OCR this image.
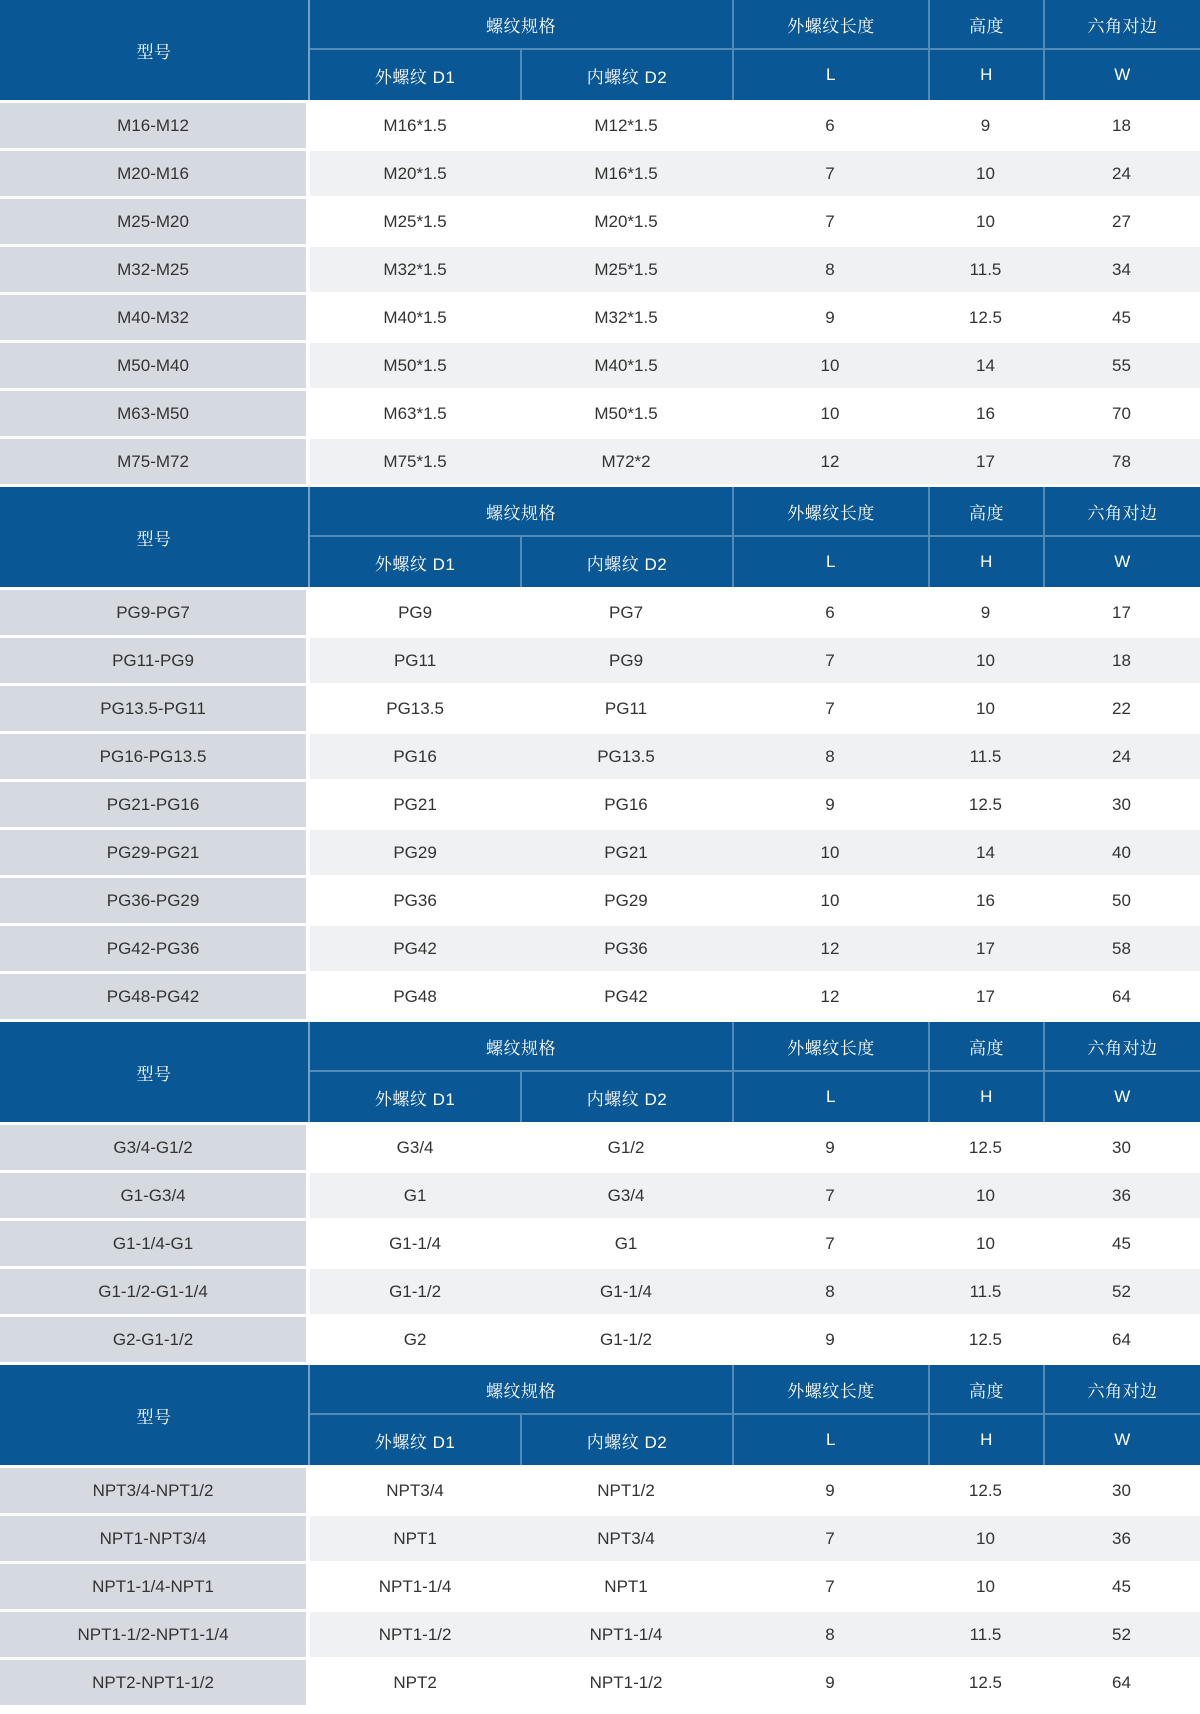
型号
螺纹规格	外螺纹长度	高度	六角对边
外螺纹 D1	内螺纹 D2	L	H	W
M16-M12	M16*1.5	M12*1.5	6	9	18
M20-M16	M20*1.5	M16*1.5	7	10	24
M25-M20	M25*1.5	M20*1.5	7	10	27
M32-M25	M32*1.5	M25*1.5	8	11.5	34
M40-M32	M40*1.5	M32*1.5	9	12.5	45
M50-M40	M50*1.5	M40*1.5	10	14	55
M63-M50	M63*1.5	M50*1.5	10	16	70
M75-M72	M75*1.5	M72*2	12	17	78
型号
螺纹规格	外螺纹长度	高度	六角对边
外螺纹 D1	内螺纹 D2	L	H	W
PG9-PG7	PG9	PG7	6	9	17
PG11-PG9	PG11	PG9	7	10	18
PG13.5-PG11	PG13.5	PG11	7	10	22
PG16-PG13.5	PG16	PG13.5	8	11.5	24
PG21-PG16	PG21	PG16	9	12.5	30
PG29-PG21	PG29	PG21	10	14	40
PG36-PG29	PG36	PG29	10	16	50
PG42-PG36	PG42	PG36	12	17	58
PG48-PG42	PG48	PG42	12	17	64
型号
螺纹规格	外螺纹长度	高度	六角对边
外螺纹 D1	内螺纹 D2	L	H	W
G3/4-G1/2	G3/4	G1/2	9	12.5	30
G1-G3/4	G1	G3/4	7	10	36
G1-1/4-G1	G1-1/4	G1	7	10	45
G1-1/2-G1-1/4	G1-1/2	G1-1/4	8	11.5	52
G2-G1-1/2	G2	G1-1/2	9	12.5	64
型号
螺纹规格	外螺纹长度	高度	六角对边
外螺纹 D1	内螺纹 D2	L	H	W
NPT3/4-NPT1/2	NPT3/4	NPT1/2	9	12.5	30
NPT1-NPT3/4	NPT1	NPT3/4	7	10	36
NPT1-1/4-NPT1	NPT1-1/4	NPT1	7	10	45
NPT1-1/2-NPT1-1/4	NPT1-1/2	NPT1-1/4	8	11.5	52
NPT2-NPT1-1/2	NPT2	NPT1-1/2	9	12.5	64
